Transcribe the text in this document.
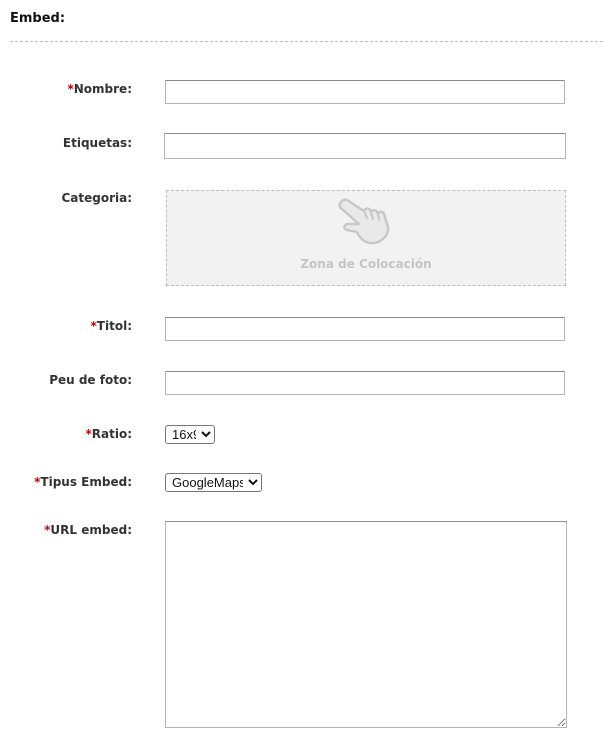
Embed:
*Nombre:
Etiquetas:
Categoria:
Zona de Colocación
*Titol:
Peu de foto:
*Ratio:
16x9
*Tipus Embed:
GoogleMaps
*URL embed:
